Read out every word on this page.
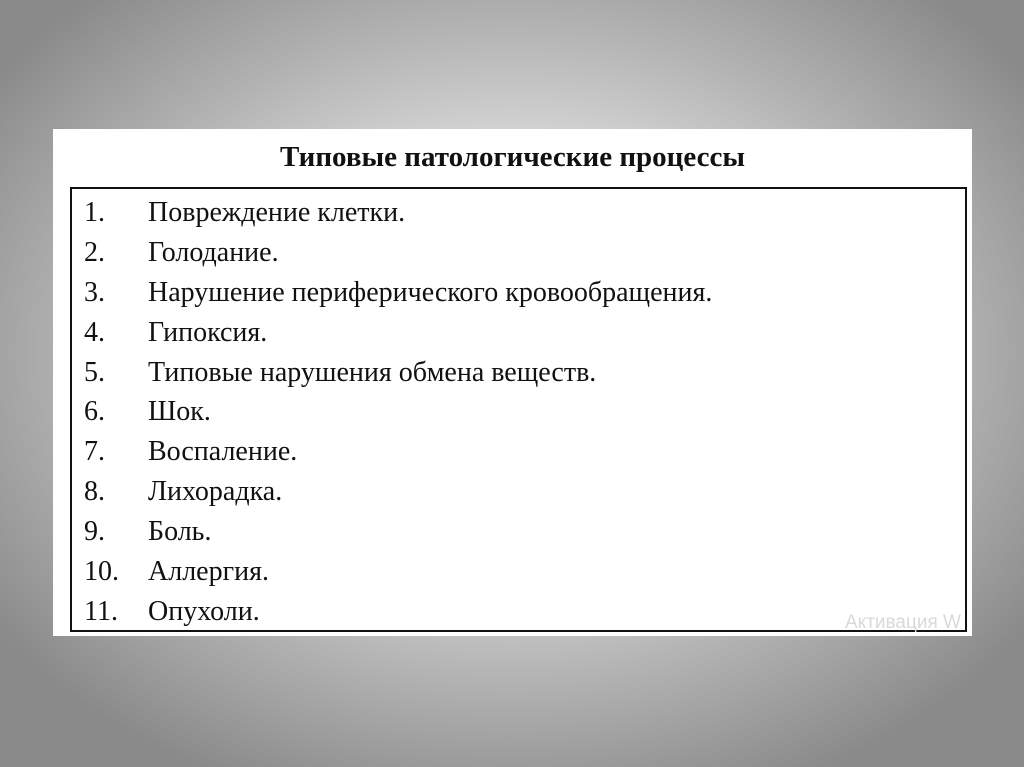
Типовые патологические процессы
1. Повреждение клетки.
2. Голодание.
3. Нарушение периферического кровообращения.
4. Гипоксия.
5. Типовые нарушения обмена веществ.
6. Шок.
7. Воспаление.
8. Лихорадка.
9. Боль.
10. Аллергия.
11. Опухоли.	Активация W
